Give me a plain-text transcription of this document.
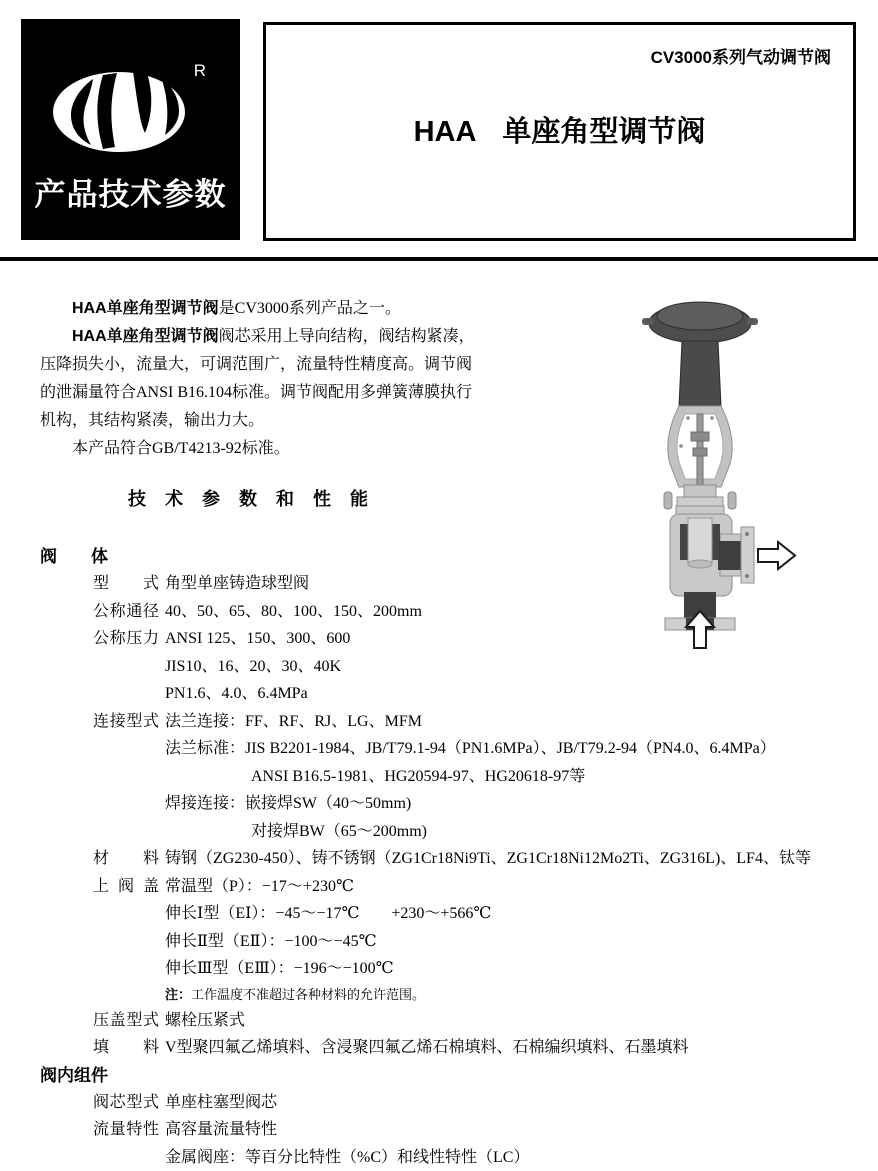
R
产品技术参数
CV3000系列气动调节阀
HAA 单座角型调节阀
HAA单座角型调节阀是CV3000系列产品之一。
HAA单座角型调节阀阀芯采用上导向结构，阀结构紧凑，
压降损失小，流量大，可调范围广，流量特性精度高。调节阀
的泄漏量符合ANSI B16.104标准。调节阀配用多弹簧薄膜执行
机构，其结构紧凑，输出力大。
本产品符合GB/T4213-92标准。
技 术 参 数 和 性 能
阀　　体
型 式 角型单座铸造球型阀
公称通径 40、50、65、80、100、150、200mm
公称压力 ANSI 125、150、300、600
JIS10、16、20、30、40K
PN1.6、4.0、6.4MPa
连接型式 法兰连接：FF、RF、RJ、LG、MFM
法兰标准：JIS B2201-1984、JB/T79.1-94（PN1.6MPa）、JB/T79.2-94（PN4.0、6.4MPa）
ANSI B16.5-1981、HG20594-97、HG20618-97等
焊接连接：嵌接焊SW（40～50mm)
对接焊BW（65～200mm)
材 料 铸钢（ZG230-450）、铸不锈钢（ZG1Cr18Ni9Ti、ZG1Cr18Ni12Mo2Ti、ZG316L)、LF4、钛等
上 阀 盖 常温型（P）：−17～+230℃
伸长Ⅰ型（EⅠ）：−45～−17℃　　+230～+566℃
伸长Ⅱ型（EⅡ）：−100～−45℃
伸长Ⅲ型（EⅢ）：−196～−100℃
注： 工作温度不准超过各种材料的允许范围。
压盖型式 螺栓压紧式
填 料 V型聚四氟乙烯填料、含浸聚四氟乙烯石棉填料、石棉编织填料、石墨填料
阀内组件
阀芯型式 单座柱塞型阀芯
流量特性 高容量流量特性
金属阀座：等百分比特性（%C）和线性特性（LC）
